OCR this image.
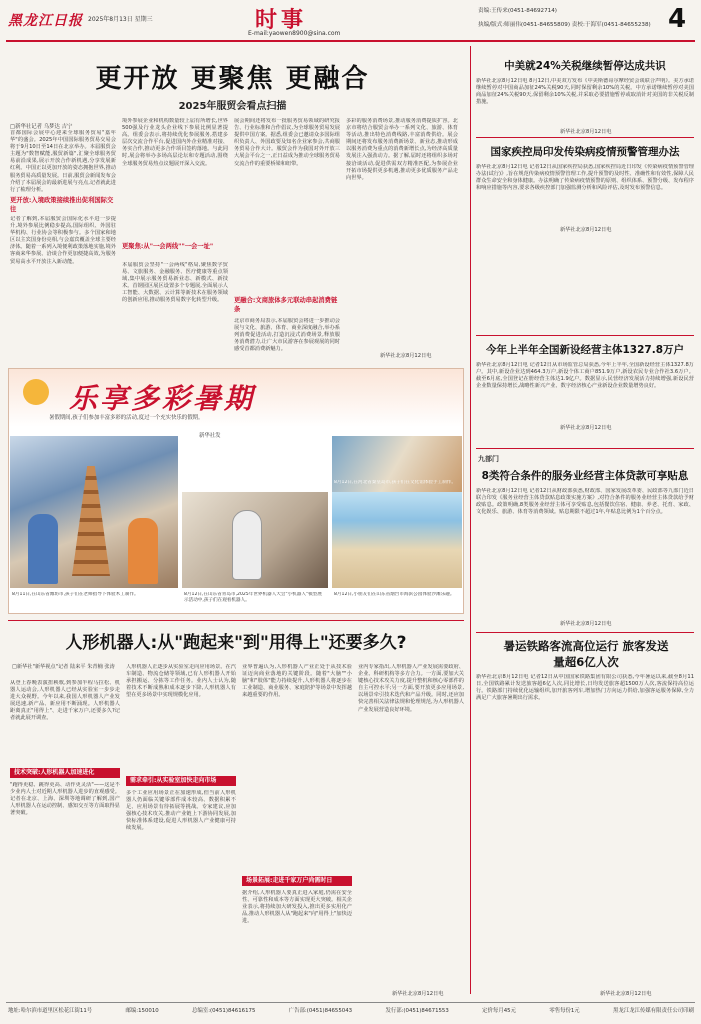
黑龙江日报 2025年8月13日 星期三	时事
E-mail:yaowen8900@sina.com
责编:王传来(0451-84692714)
执编/版式:师丽伟(0451-84655809) 责校:于海军(0451-84655238) 4
更开放 更聚焦 更融合
2025年服贸会看点扫描
□新华社记者 乌梦达 吉宁
首都国际会展中心迎来全球服务贸易"嘉年华"的盛会。2025年中国国际服务贸易交易会将于9月10日至14日在北京举办。本届服贸会主题为"数智赋能,服贸新篇",汇聚全球服务贸易前沿成果,展示开放合作新机遇,分享发展新红利。中国正以更加开放的姿态拥抱世界,推动服务贸易高质量发展。日前,服贸会新闻发布会介绍了本届展会的最新进展与亮点,记者就此进行了梳理分析。
更开放:入境政策接续推出促利国际交往
记者了解到,本届服贸会国际化水平进一步提升,境外参展比例稳步提高,国际组织、外国驻华机构、行业协会等积极参与。多个国家和地区以主宾国身份亮相,与会嘉宾覆盖全球主要经济体。随着一系列入境便利政策落地实施,境外客商来华参展、洽谈合作更加便捷高效,为服务贸易高水平开放注入新动能。
境外参展企业和机构数量较上届有所增长,世界500强及行业龙头企业线下参展比例显著提高。组委会表示,将持续优化参展服务,搭建多层次交流合作平台,促进国内外企业精准对接、务实合作,推动更多合作项目签约落地。与此同时,展会将举办多场高层论坛和专题活动,围绕全球服务贸易热点议题展开深入交流。
更聚焦:从"一会两线""一会一址"
本届服贸会坚持"一会两线"格局,聚焦数字贸易、文旅服务、金融服务、医疗健康等重点领域,集中展示服务贸易新业态、新模式、新技术。首钢园区展区设置多个专题展,全面展示人工智能、大数据、云计算等新技术在服务领域的创新应用,推动服务贸易数字化转型升级。
展会期间还将发布一批服务贸易领域的研究报告、行业标准和合作倡议,为全球服务贸易发展提供中国方案。据悉,组委会已邀请众多国际组织负责人、外国政要及知名企业家参会,共商服务贸易合作大计。服贸会作为我国对外开放三大展会平台之一,正日益成为推动全球服务贸易交流合作的重要桥梁和纽带。
更融合:文商旅体多元联动串起消费链条
北京市商务局表示,本届服贸会将进一步推动会展与文化、旅游、体育、商业深度融合,举办系列消费促进活动,打造沉浸式消费场景,释放服务消费潜力,让广大市民游客在参展观展的同时感受首都消费新魅力。
多彩的服务消费场景,推动服务消费提质扩容。北京市将结合服贸会举办一系列文化、旅游、体育等活动,推出特色消费线路,丰富消费供给。展会期间还将发布服务消费新场景、新业态,推动形成以服务消费为重点的消费新增长点,为经济高质量发展注入强劲动力。据了解,届时还将组织多场对接洽谈活动,促进供需双方精准匹配,为参展企业开拓市场提供更多机遇,推动更多优质服务产品走向世界。
新华社北京8月12日电
乐享多彩暑期
暑假期间,孩子们参加丰富多彩的活动,度过一个充实快乐的假期。
新华社发
8月11日,在山东省潍坊市,孩子们在老师指导下体验木工制作。	8月12日,在山东省青岛市,2025年世界机器人大会"小机器人"模型展示活动中,孩子们在观看机器人。
8月12日,在河北省秦皇岛市,孩子们在文化馆体验手工制作。
8月12日,小朋友们在山东省烟台市海滨公园体验沙滩乐趣。
人形机器人:从"跑起来"到"用得上"还要多久?
□新华社"新华视点"记者 陆来平 朱青楠 张涛
从登上春晚表演扭秧歌,到参加半程马拉松、机器人运动会,人形机器人已经从实验室一步步走进大众视野。今年以来,我国人形机器人产业发展迅速,新产品、新应用不断涌现。人形机器人距离真正"用得上"、走进千家万户,还要多久?记者就此展开调查。
技术突破:人形机器人加速进化
"跑得更稳、跳得更高、动作更灵活"——这是不少业内人士对近期人形机器人进步的直观感受。记者在北京、上海、深圳等地调研了解到,国产人形机器人在运动控制、感知交互等方面取得显著突破。
人形机器人正逐步从实验室走向应用场景。在汽车制造、物流仓储等领域,已有人形机器人开始承担搬运、分拣等工作任务。业内人士认为,随着技术不断成熟和成本逐步下降,人形机器人有望在更多场景中实现规模化应用。
需求牵引:从实验室加快走向市场
多个工业应用场景正在加速形成,但当前人形机器人仍面临关键零部件成本较高、数据积累不足、应用场景有待拓展等挑战。专家建议,应加强核心技术攻关,推动产业链上下游协同发展,加快标准体系建设,促进人形机器人产业健康可持续发展。
业界普遍认为,人形机器人产业正处于从技术验证迈向商业落地的关键阶段。随着"大脑""小脑"和"肢体"能力持续提升,人形机器人将逐步在工业制造、商业服务、家庭陪护等场景中发挥越来越重要的作用。
场景拓展:走进千家万户尚需时日
据介绍,人形机器人要真正进入家庭,仍需在安全性、可靠性和成本等方面实现更大突破。相关企业表示,将持续加大研发投入,推出更多实用化产品,推动人形机器人从"跑起来"向"用得上"加快迈进。
业内专家指出,人形机器人产业发展需要政府、企业、科研机构等多方合力。一方面,要加大关键核心技术攻关力度,提升整机和核心零部件的自主可控水平;另一方面,要开放更多应用场景,以场景牵引技术迭代和产品升级。同时,还应加快完善相关法律法规和伦理规范,为人形机器人产业发展营造良好环境。
新华社北京8月12日电
中美就24%关税继续暂停达成共识
新华社北京8月12日电 8月12日,中美双方发布《中美斯德哥尔摩经贸会谈联合声明》。美方承诺继续暂停对中国商品加征24%关税90天,同时保留剩余10%的关税。中方承诺继续暂停对美国商品加征24%关税90天,保留剩余10%关税,并采取必要措施暂停或取消针对美国的非关税反制措施。
新华社北京8月12日电
国家疾控局印发传染病疫情预警管理办法
新华社北京8月12日电 记者12日从国家疾控局获悉,国家疾控局近日印发《传染病疫情预警管理办法(试行)》,旨在规范传染病疫情预警管理工作,提升预警的及时性、准确性和有效性,保障人民群众生命安全和身体健康。办法明确了传染病疫情预警的原则、组织体系、预警分级、发布程序和响应措施等内容,要求各级疾控部门加强监测分析和风险评估,及时发布预警信息。
新华社北京8月12日电
今年上半年全国新设经营主体1327.8万户
新华社北京8月12日电 记者12日从市场监管总局获悉,今年上半年,全国新设经营主体1327.8万户。其中,新设企业达到464.3万户,新设个体工商户851.9万户,新设农民专业合作社3.6万户。截至6月底,全国登记在册经营主体达1.9亿户。数据显示,民营经济发展活力持续增强,新设民营企业数量保持增长,战略性新兴产业、数字经济核心产业新设企业数量增势良好。
新华社北京8月12日电
九部门
8类符合条件的服务业经营主体贷款可享贴息
新华社北京8月12日电 记者12日从财政部获悉,财政部、国家发展改革委、民政部等九部门近日联合印发《服务业经营主体贷款贴息政策实施方案》,对符合条件的服务业经营主体贷款给予财政贴息。政策明确,8类服务业经营主体可享受贴息,包括餐饮住宿、健康、养老、托育、家政、文化娱乐、旅游、体育等消费领域。贴息期限不超过1年,年贴息比例为1个百分点。
新华社北京8月12日电
暑运铁路客流高位运行 旅客发送量超6亿人次
新华社北京8月12日电 记者12日从中国国家铁路集团有限公司获悉,今年暑运以来,截至8月11日,全国铁路累计发送旅客超6亿人次,同比增长,日均发送旅客超1500万人次,客流保持高位运行。铁路部门持续优化运输组织,加开旅客列车,增加热门方向运力供给,加强客运服务保障,全力满足广大旅客暑期出行需求。
新华社北京8月12日电
地址:哈尔滨市道里区松花江街11号	邮编:150010	总编室:(0451)84616175	广告部:(0451)84655043	发行部:(0451)84671553	定价每月45元	零售每份1元	黑龙江龙江传媒有限责任公司印刷
